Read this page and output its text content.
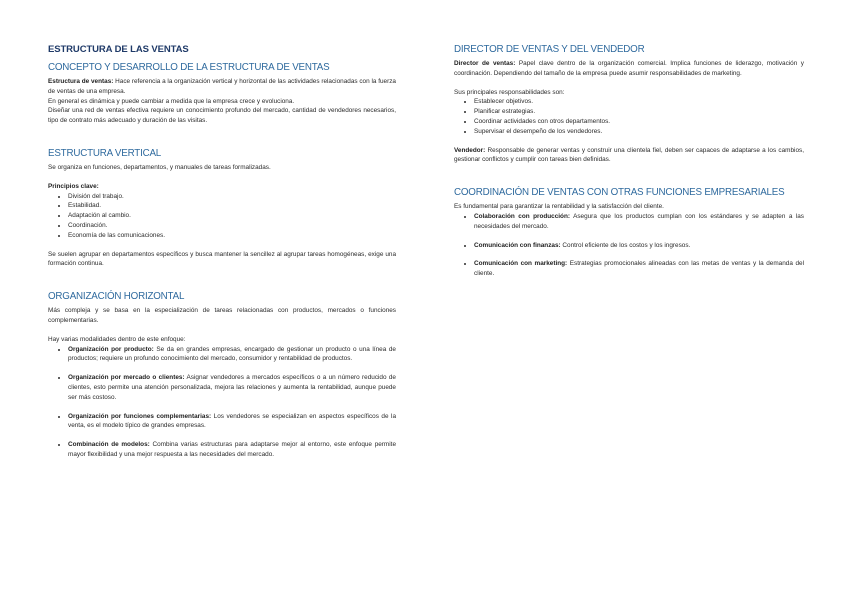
ESTRUCTURA DE LAS VENTAS
CONCEPTO Y DESARROLLO DE LA ESTRUCTURA DE VENTAS

Estructura de ventas: Hace referencia a la organización vertical y horizontal de las actividades relacionadas con la fuerza de ventas de una empresa.

En general es dinámica y puede cambiar a medida que la empresa crece y evoluciona.

Diseñar una red de ventas efectiva requiere un conocimiento profundo del mercado, cantidad de vendedores necesarios, tipo de contrato más adecuado y duración de las visitas.

ESTRUCTURA VERTICAL

Se organiza en funciones, departamentos, y manuales de tareas formalizadas.

Principios clave:

• División del trabajo.
• Estabilidad.
• Adaptación al cambio.
• Coordinación.
• Economía de las comunicaciones.

Se suelen agrupar en departamentos específicos y busca mantener la sencillez al agrupar tareas homogéneas, exige una formación continua.

ORGANIZACIÓN HORIZONTAL

Más compleja y se basa en la especialización de tareas relacionadas con productos, mercados o funciones complementarias.

Hay varias modalidades dentro de este enfoque:

• Organización por producto: Se da en grandes empresas, encargado de gestionar un producto o una línea de productos; requiere un profundo conocimiento del mercado, consumidor y rentabilidad de productos.
• Organización por mercado o clientes: Asignar vendedores a mercados específicos o a un número reducido de clientes, esto permite una atención personalizada, mejora las relaciones y aumenta la rentabilidad, aunque puede ser más costoso.
• Organización por funciones complementarias: Los vendedores se especializan en aspectos específicos de la venta, es el modelo típico de grandes empresas.
• Combinación de modelos: Combina varias estructuras para adaptarse mejor al entorno, este enfoque permite mayor flexibilidad y una mejor respuesta a las necesidades del mercado.
DIRECTOR DE VENTAS Y DEL VENDEDOR

Director de ventas: Papel clave dentro de la organización comercial. Implica funciones de liderazgo, motivación y coordinación. Dependiendo del tamaño de la empresa puede asumir responsabilidades de marketing.

Sus principales responsabilidades son:

• Establecer objetivos.
• Planificar estrategias.
• Coordinar actividades con otros departamentos.
• Supervisar el desempeño de los vendedores.

Vendedor: Responsable de generar ventas y construir una clientela fiel, deben ser capaces de adaptarse a los cambios, gestionar conflictos y cumplir con tareas bien definidas.

COORDINACIÓN DE VENTAS CON OTRAS FUNCIONES EMPRESARIALES

Es fundamental para garantizar la rentabilidad y la satisfacción del cliente.

• Colaboración con producción: Asegura que los productos cumplan con los estándares y se adapten a las necesidades del mercado.
• Comunicación con finanzas: Control eficiente de los costos y los ingresos.
• Comunicación con marketing: Estrategias promocionales alineadas con las metas de ventas y la demanda del cliente.
